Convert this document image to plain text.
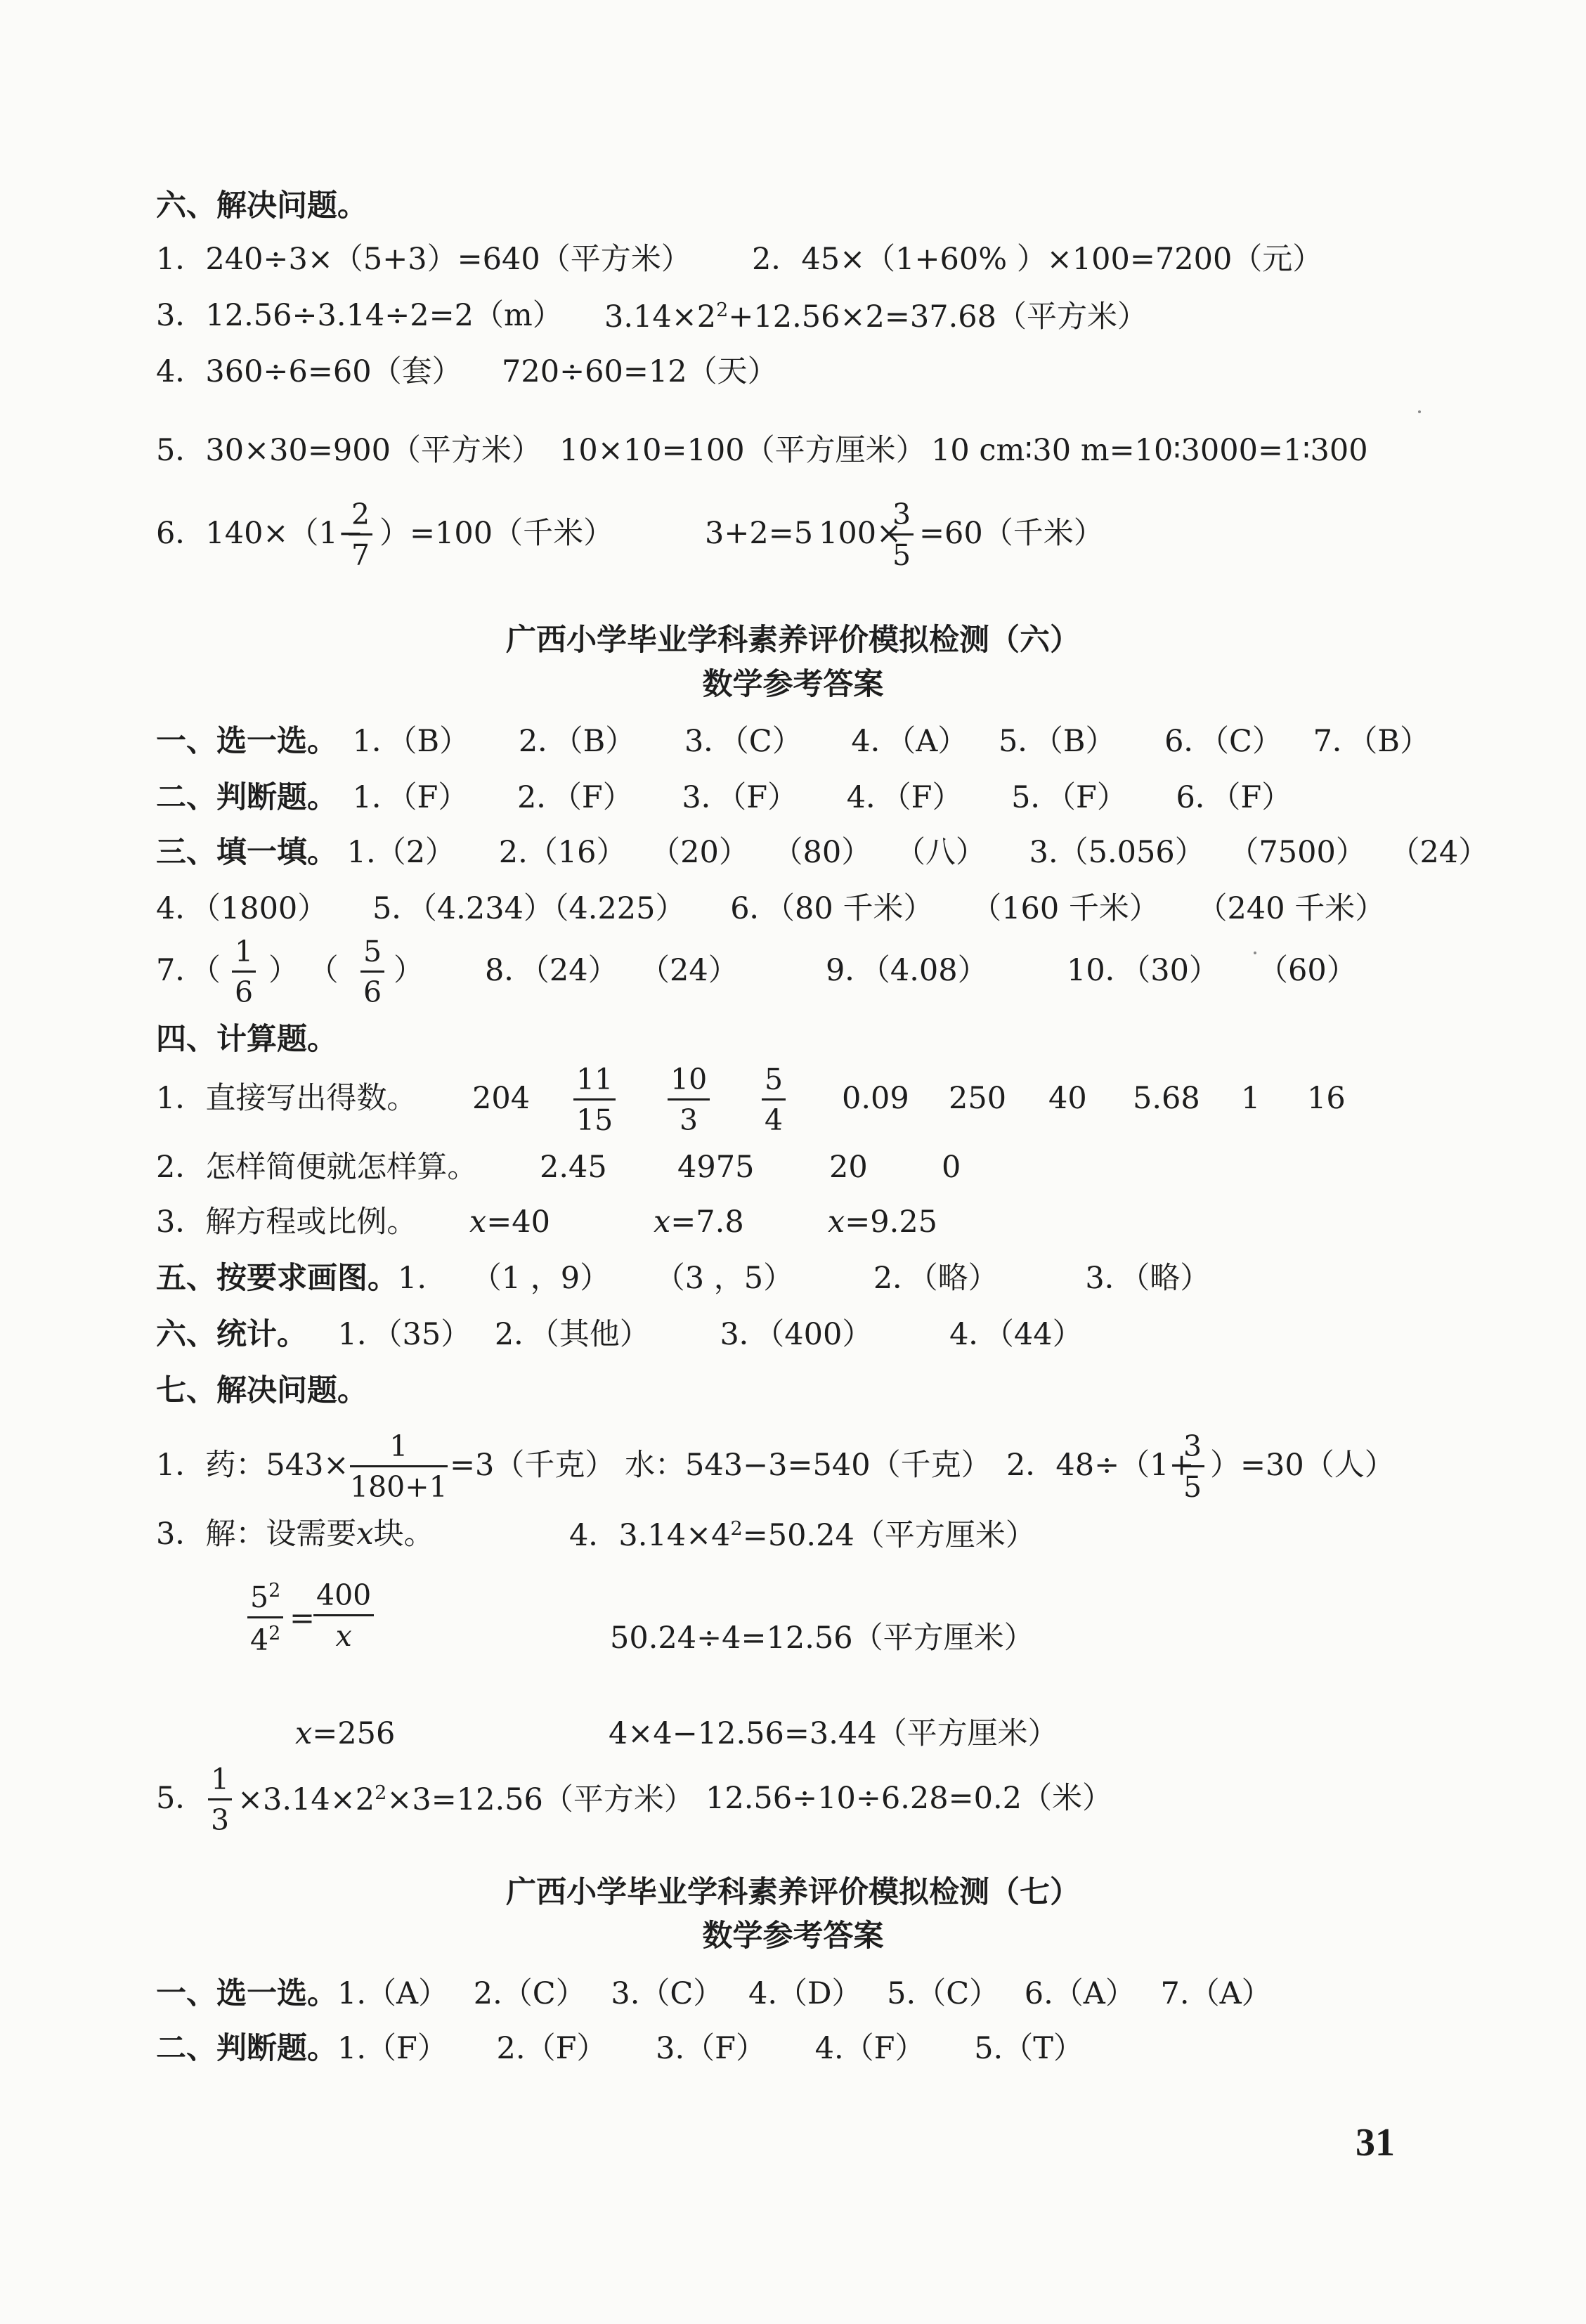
六、解决问题。
1．240÷3×（5+3）=640（平方米） 2．45×（1+60% ）×100=7200（元）
3．12.56÷3.14÷2=2（m） $3.14\times 2^2+12.56\times 2=37.68$（平方米）
4．360÷6=60（套） 720÷60=12（天）
5．30×30=900（平方米） 10×10=100（平方厘米） 10 cm∶30 m=10∶3000=1∶300
6．140×（1−
$\frac{2}{7} )=100$（千米）	3+2=5 100×
$\frac{3}{5} =60$（千米）
广西小学毕业学科素养评价模拟检测（六）
数学参考答案
一、选一选。 1．（B） 2．（B） 3．（C） 4．（A） 5．（B） 6．（C） 7．（B）
二、判断题。 1．（F） 2．（F） 3．（F） 4．（F） 5．（F） 6．（F）
三、填一填。 1.（2） 2.（16） （20） （80） （八） 3.（5.056） （7500） （24）
4．（1800） 5．（4.234）（4.225） 6．（80 千米） （160 千米） （240 千米）
7．（ $\frac{1}{6}$ ） （ $\frac{5}{6}$ ） 8．（24） （24）	9．（4.08）	10．（30） （60）
四、计算题。
1．直接写出得数。 $204 \frac{11}{15} \frac{10}{3} \frac{5}{4} 0.09$ 250 40 5.68 1 16
2．怎样简便就怎样算。 2.45 4975 20 0
3．解方程或比例。 x=40	x=7.8	x=9.25
五、按要求画图。1. （1 ，9） （3 ，5）	2．（略）	3．（略）
六、统计。 1．（35） 2．（其他） 3．（400）	4．（44）
七、解决问题。
1．药：$543\times \frac{1}{180+1} =3$（千克） 水：543−3=540（千克） 2．48÷（1+
$\frac{3}{5} )=30$（人）
3．解：设需要x块。	4．$3.14\times 4^2=50.24$（平方厘米）
$\frac{5^2}{4^2}$ =
$\frac{400}{x}$	50.24÷4=12.56（平方厘米）
x=256	4×4−12.56=3.44（平方厘米）
5． $\frac{1}{3} \times 3.14\times 2^2\times 3=12.56$（平方米） 12.56÷10÷6.28=0.2（米）
广西小学毕业学科素养评价模拟检测（七）
数学参考答案
一、选一选。1.（A） 2.（C） 3.（C） 4.（D） 5.（C） 6.（A） 7.（A）
二、判断题。1.（F） 2.（F） 3.（F） 4.（F） 5.（T）
31
